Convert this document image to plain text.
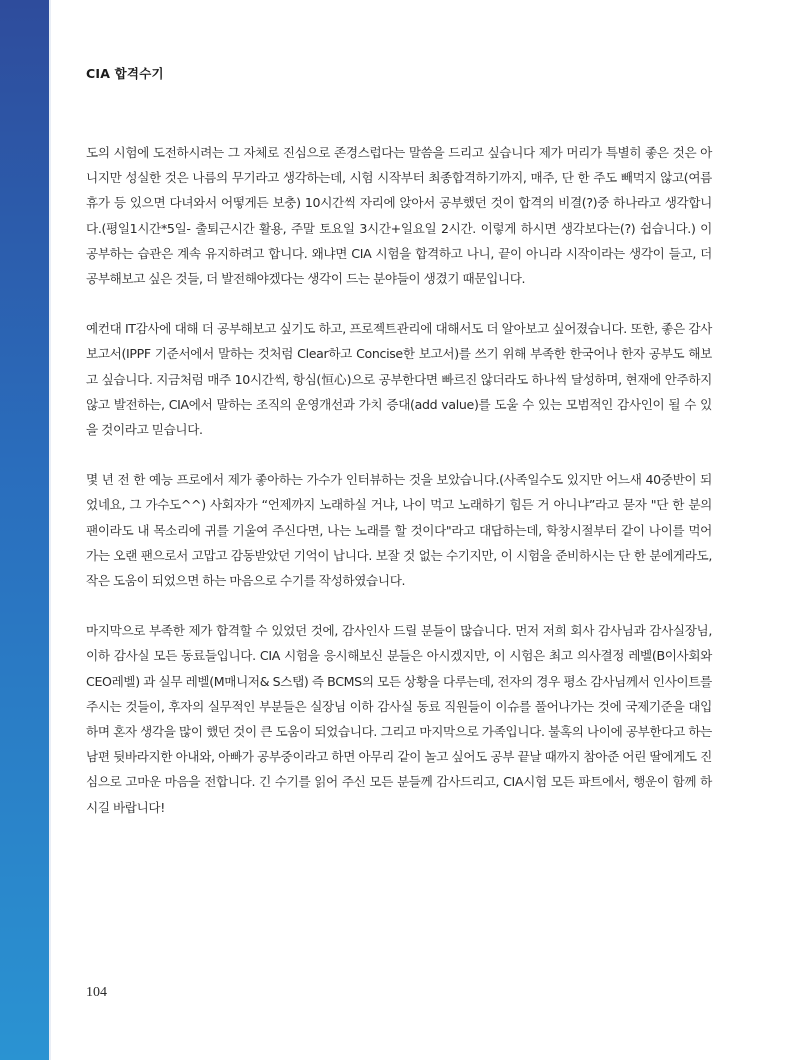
CIA 합격수기

도의 시험에 도전하시려는 그 자체로 진심으로 존경스럽다는 말씀을 드리고 싶습니다 제가 머리가 특별히 좋은 것은 아니지만 성실한 것은 나름의 무기라고 생각하는데, 시험 시작부터 최종합격하기까지, 매주, 단 한 주도 빼먹지 않고(여름휴가 등 있으면 다녀와서 어떻게든 보충) 10시간씩 자리에 앉아서 공부했던 것이 합격의 비결(?)중 하나라고 생각합니다.(평일1시간*5일- 출퇴근시간 활용, 주말 토요일 3시간+일요일 2시간. 이렇게 하시면 생각보다는(?) 쉽습니다.) 이 공부하는 습관은 계속 유지하려고 합니다. 왜냐면 CIA 시험을 합격하고 나니, 끝이 아니라 시작이라는 생각이 들고, 더 공부해보고 싶은 것들, 더 발전해야겠다는 생각이 드는 분야들이 생겼기 때문입니다.

예컨대 IT감사에 대해 더 공부해보고 싶기도 하고, 프로젝트관리에 대해서도 더 알아보고 싶어졌습니다. 또한, 좋은 감사보고서(IPPF 기준서에서 말하는 것처럼 Clear하고 Concise한 보고서)를 쓰기 위해 부족한 한국어나 한자 공부도 해보고 싶습니다. 지금처럼 매주 10시간씩, 항심(恒心)으로 공부한다면 빠르진 않더라도 하나씩 달성하며, 현재에 안주하지 않고 발전하는, CIA에서 말하는 조직의 운영개선과 가치 증대(add value)를 도울 수 있는 모범적인 감사인이 될 수 있을 것이라고 믿습니다.

몇 년 전 한 예능 프로에서 제가 좋아하는 가수가 인터뷰하는 것을 보았습니다.(사족일수도 있지만 어느새 40중반이 되었네요, 그 가수도^^) 사회자가 “언제까지 노래하실 거냐, 나이 먹고 노래하기 힘든 거 아니냐”라고 묻자 "단 한 분의 팬이라도 내 목소리에 귀를 기울여 주신다면, 나는 노래를 할 것이다"라고 대답하는데, 학창시절부터 같이 나이를 먹어가는 오랜 팬으로서 고맙고 감동받았던 기억이 납니다. 보잘 것 없는 수기지만, 이 시험을 준비하시는 단 한 분에게라도, 작은 도움이 되었으면 하는 마음으로 수기를 작성하였습니다.

마지막으로 부족한 제가 합격할 수 있었던 것에, 감사인사 드릴 분들이 많습니다. 먼저 저희 회사 감사님과 감사실장님, 이하 감사실 모든 동료들입니다. CIA 시험을 응시해보신 분들은 아시겠지만, 이 시험은 최고 의사결정 레벨(B이사회와 CEO레벨) 과 실무 레벨(M매니저& S스탭) 즉 BCMS의 모든 상황을 다루는데, 전자의 경우 평소 감사님께서 인사이트를 주시는 것들이, 후자의 실무적인 부분들은 실장님 이하 감사실 동료 직원들이 이슈를 풀어나가는 것에 국제기준을 대입하며 혼자 생각을 많이 했던 것이 큰 도움이 되었습니다. 그리고 마지막으로 가족입니다. 불혹의 나이에 공부한다고 하는 남편 뒷바라지한 아내와, 아빠가 공부중이라고 하면 아무리 같이 놀고 싶어도 공부 끝날 때까지 참아준 어린 딸에게도 진심으로 고마운 마음을 전합니다. 긴 수기를 읽어 주신 모든 분들께 감사드리고, CIA시험 모든 파트에서, 행운이 함께 하시길 바랍니다!

104
